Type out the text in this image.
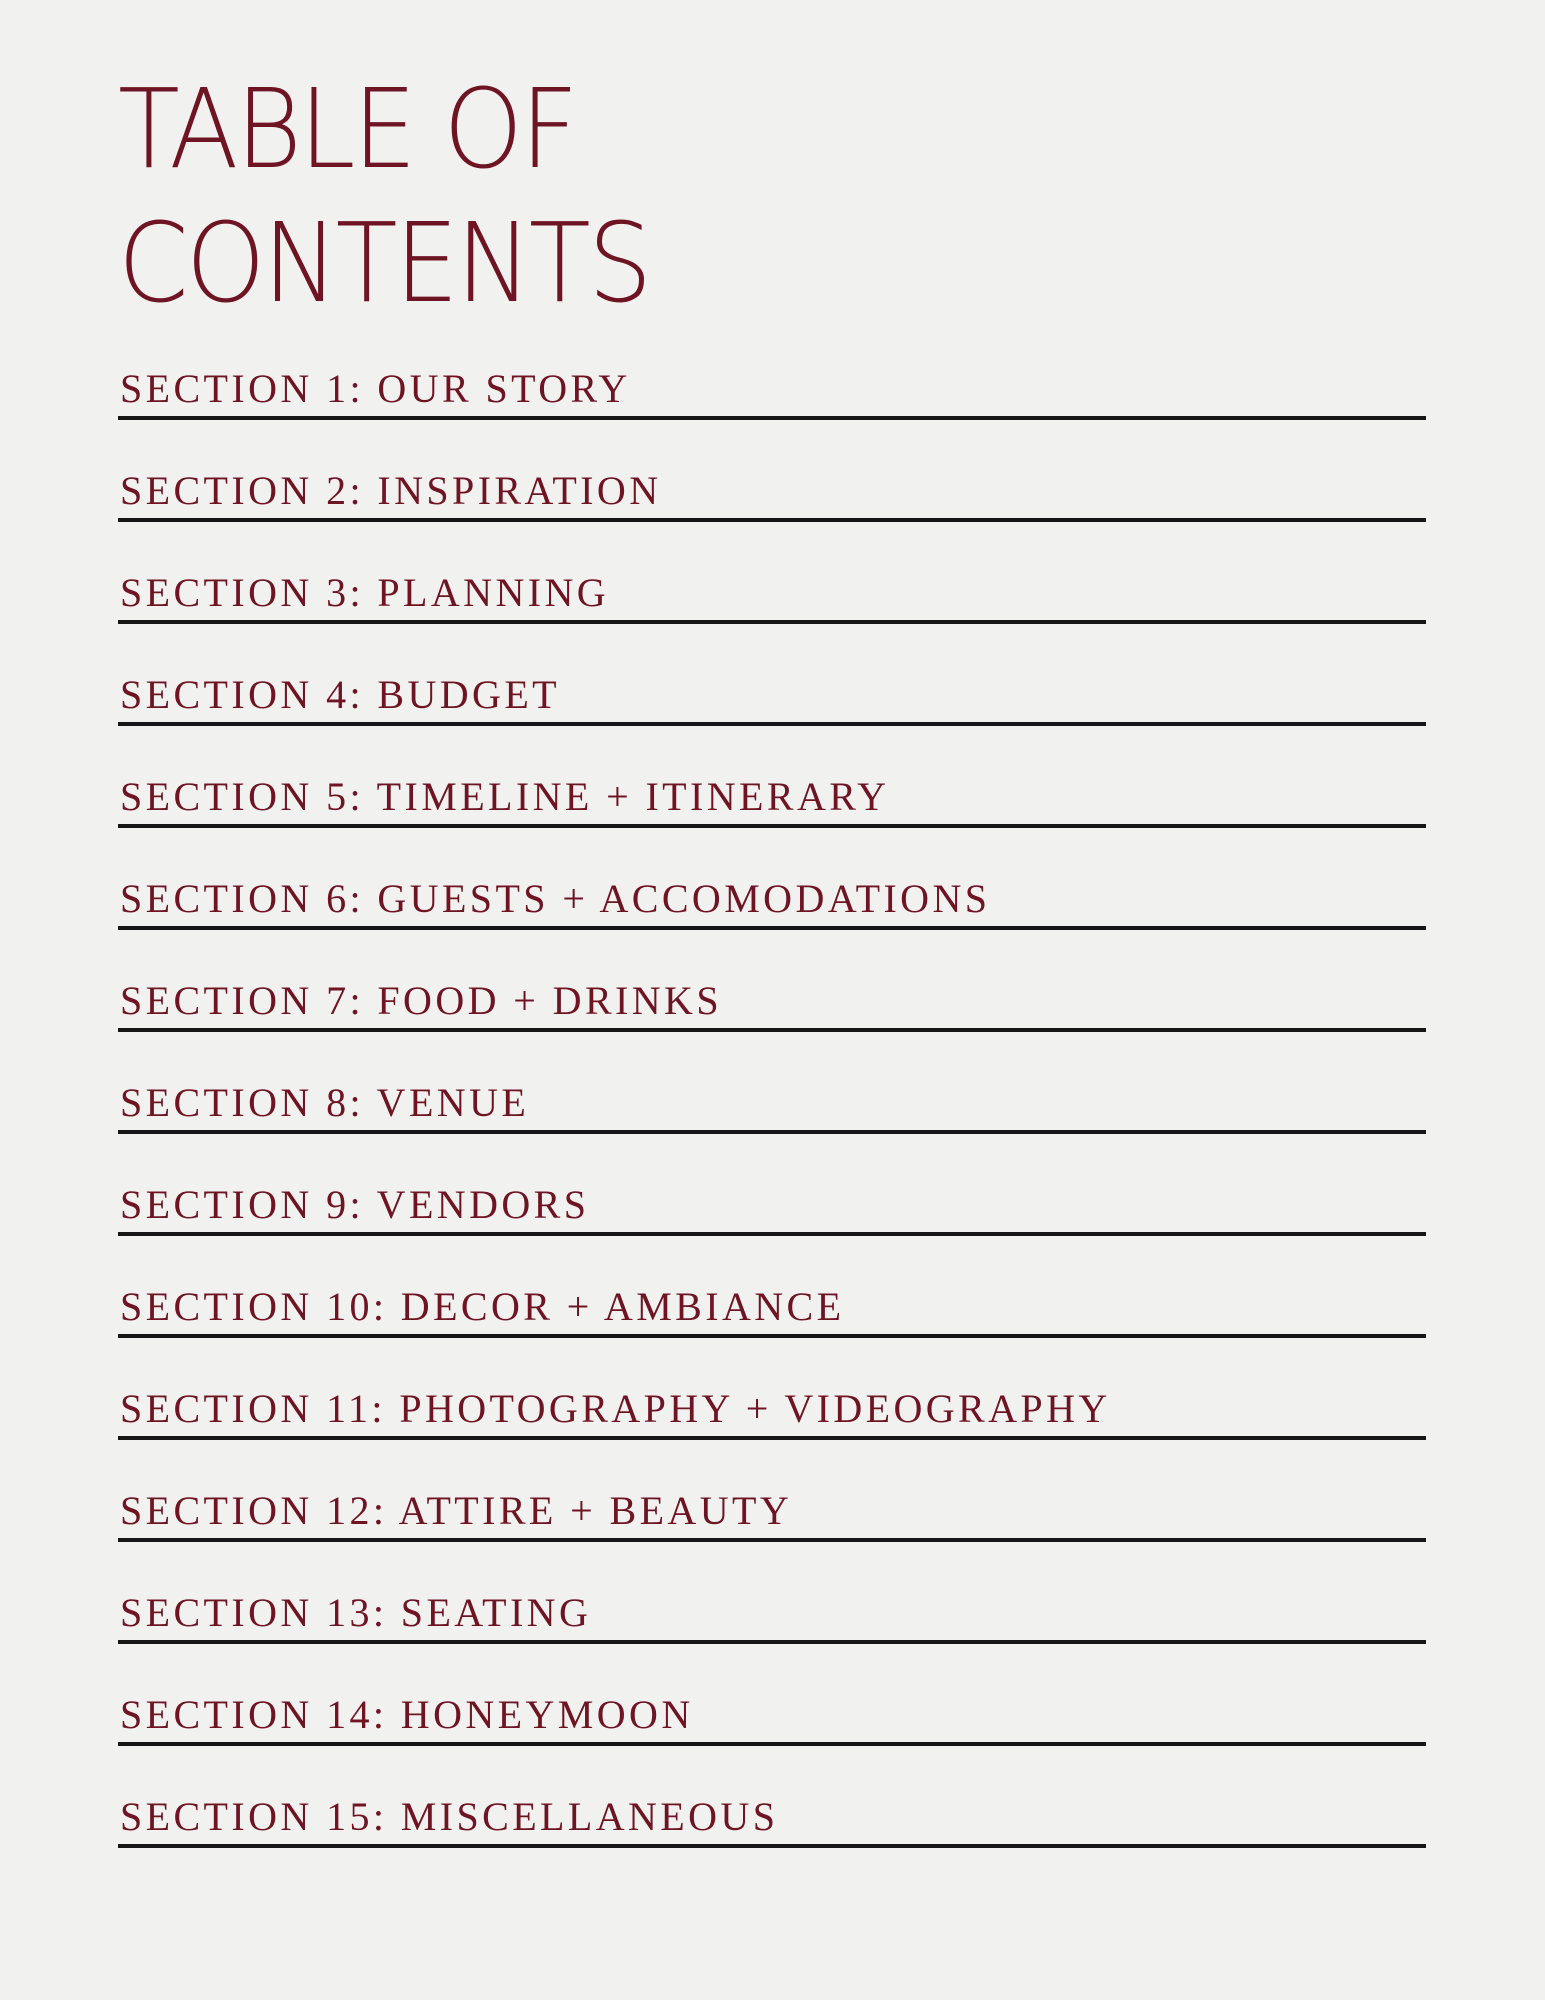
TABLE OF
CONTENTS
SECTION 1: OUR STORY
SECTION 2: INSPIRATION
SECTION 3: PLANNING
SECTION 4: BUDGET
SECTION 5: TIMELINE + ITINERARY
SECTION 6: GUESTS + ACCOMODATIONS
SECTION 7: FOOD + DRINKS
SECTION 8: VENUE
SECTION 9: VENDORS
SECTION 10: DECOR + AMBIANCE
SECTION 11: PHOTOGRAPHY + VIDEOGRAPHY
SECTION 12: ATTIRE + BEAUTY
SECTION 13: SEATING
SECTION 14: HONEYMOON
SECTION 15: MISCELLANEOUS
